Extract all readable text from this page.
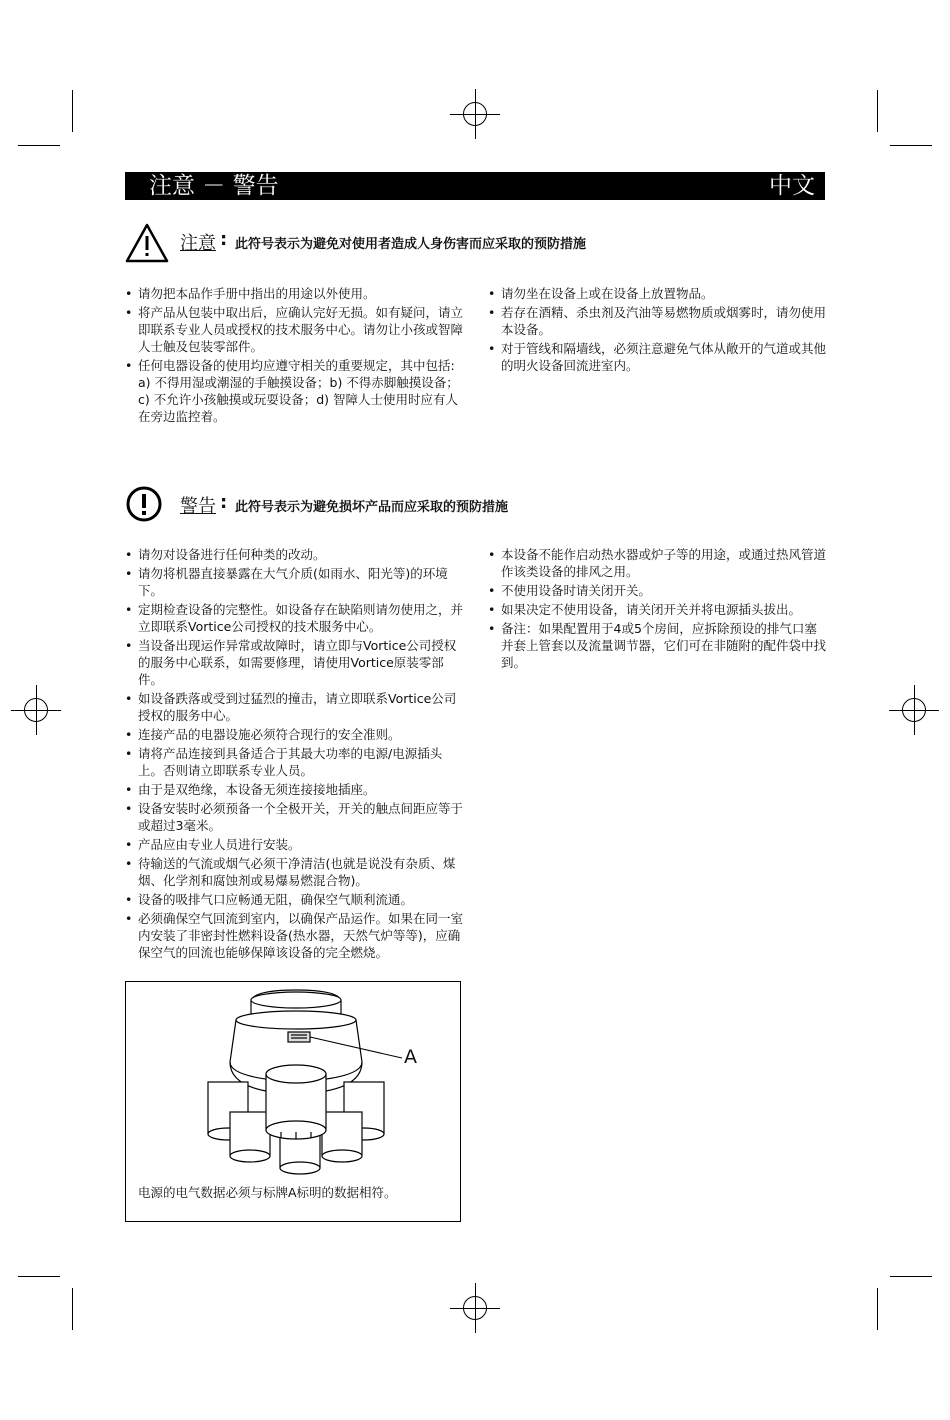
注意 － 警告	中文
注意 : 此符号表示为避免对使用者造成人身伤害而应采取的预防措施
• 请勿把本品作手册中指出的用途以外使用。
• 将产品从包装中取出后，应确认完好无损。如有疑问，请立即联系专业人员或授权的技术服务中心。请勿让小孩或智障人士触及包装零部件。
• 任何电器设备的使用均应遵守相关的重要规定，其中包括: a) 不得用湿或潮湿的手触摸设备；b) 不得赤脚触摸设备；c) 不允许小孩触摸或玩耍设备；d) 智障人士使用时应有人在旁边监控着。
• 请勿坐在设备上或在设备上放置物品。
• 若存在酒精、杀虫剂及汽油等易燃物质或烟雾时，请勿使用本设备。
• 对于管线和隔墙线，必须注意避免气体从敞开的气道或其他的明火设备回流进室内。
警告 : 此符号表示为避免损坏产品而应采取的预防措施
• 请勿对设备进行任何种类的改动。
• 请勿将机器直接暴露在大气介质(如雨水、阳光等)的环境下。
• 定期检查设备的完整性。如设备存在缺陷则请勿使用之，并立即联系Vortice公司授权的技术服务中心。
• 当设备出现运作异常或故障时，请立即与Vortice公司授权的服务中心联系，如需要修理，请使用Vortice原装零部件。
• 如设备跌落或受到过猛烈的撞击，请立即联系Vortice公司授权的服务中心。
• 连接产品的电器设施必须符合现行的安全准则。
• 请将产品连接到具备适合于其最大功率的电源/电源插头上。否则请立即联系专业人员。
• 由于是双绝缘，本设备无须连接接地插座。
• 设备安装时必须预备一个全极开关，开关的触点间距应等于或超过3毫米。
• 产品应由专业人员进行安装。
• 待输送的气流或烟气必须干净清洁(也就是说没有杂质、煤烟、化学剂和腐蚀剂或易爆易燃混合物)。
• 设备的吸排气口应畅通无阻，确保空气顺利流通。
• 必须确保空气回流到室内，以确保产品运作。如果在同一室内安装了非密封性燃料设备(热水器，天然气炉等等)，应确保空气的回流也能够保障该设备的完全燃烧。
• 本设备不能作启动热水器或炉子等的用途，或通过热风管道作该类设备的排风之用。
• 不使用设备时请关闭开关。
• 如果决定不使用设备，请关闭开关并将电源插头拔出。
• 备注：如果配置用于4或5个房间，应拆除预设的排气口塞并套上管套以及流量调节器，它们可在非随附的配件袋中找到。
A
电源的电气数据必须与标牌A标明的数据相符。
